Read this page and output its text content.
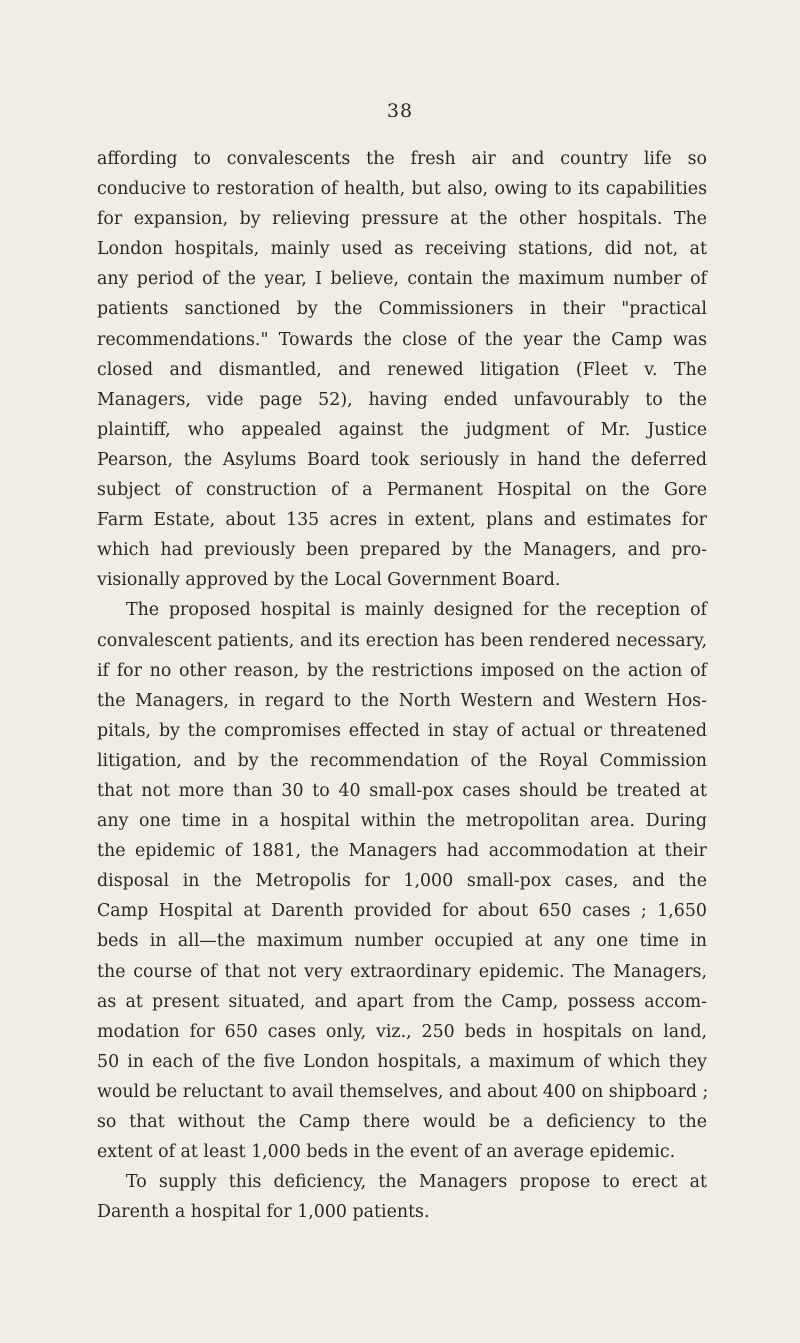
38
affording to convalescents the fresh air and country life so
conducive to restoration of health, but also, owing to its capabilities
for expansion, by relieving pressure at the other hospitals. The
London hospitals, mainly used as receiving stations, did not, at
any period of the year, I believe, contain the maximum number of
patients sanctioned by the Commissioners in their "practical
recommendations." Towards the close of the year the Camp was
closed and dismantled, and renewed litigation (Fleet v. The
Managers, vide page 52), having ended unfavourably to the
plaintiff, who appealed against the judgment of Mr. Justice
Pearson, the Asylums Board took seriously in hand the deferred
subject of construction of a Permanent Hospital on the Gore
Farm Estate, about 135 acres in extent, plans and estimates for
which had previously been prepared by the Managers, and pro-
visionally approved by the Local Government Board.
The proposed hospital is mainly designed for the reception of
convalescent patients, and its erection has been rendered necessary,
if for no other reason, by the restrictions imposed on the action of
the Managers, in regard to the North Western and Western Hos-
pitals, by the compromises effected in stay of actual or threatened
litigation, and by the recommendation of the Royal Commission
that not more than 30 to 40 small-pox cases should be treated at
any one time in a hospital within the metropolitan area. During
the epidemic of 1881, the Managers had accommodation at their
disposal in the Metropolis for 1,000 small-pox cases, and the
Camp Hospital at Darenth provided for about 650 cases ; 1,650
beds in all—the maximum number occupied at any one time in
the course of that not very extraordinary epidemic. The Managers,
as at present situated, and apart from the Camp, possess accom-
modation for 650 cases only, viz., 250 beds in hospitals on land,
50 in each of the five London hospitals, a maximum of which they
would be reluctant to avail themselves, and about 400 on shipboard ;
so that without the Camp there would be a deficiency to the
extent of at least 1,000 beds in the event of an average epidemic.
To supply this deficiency, the Managers propose to erect at
Darenth a hospital for 1,000 patients.
